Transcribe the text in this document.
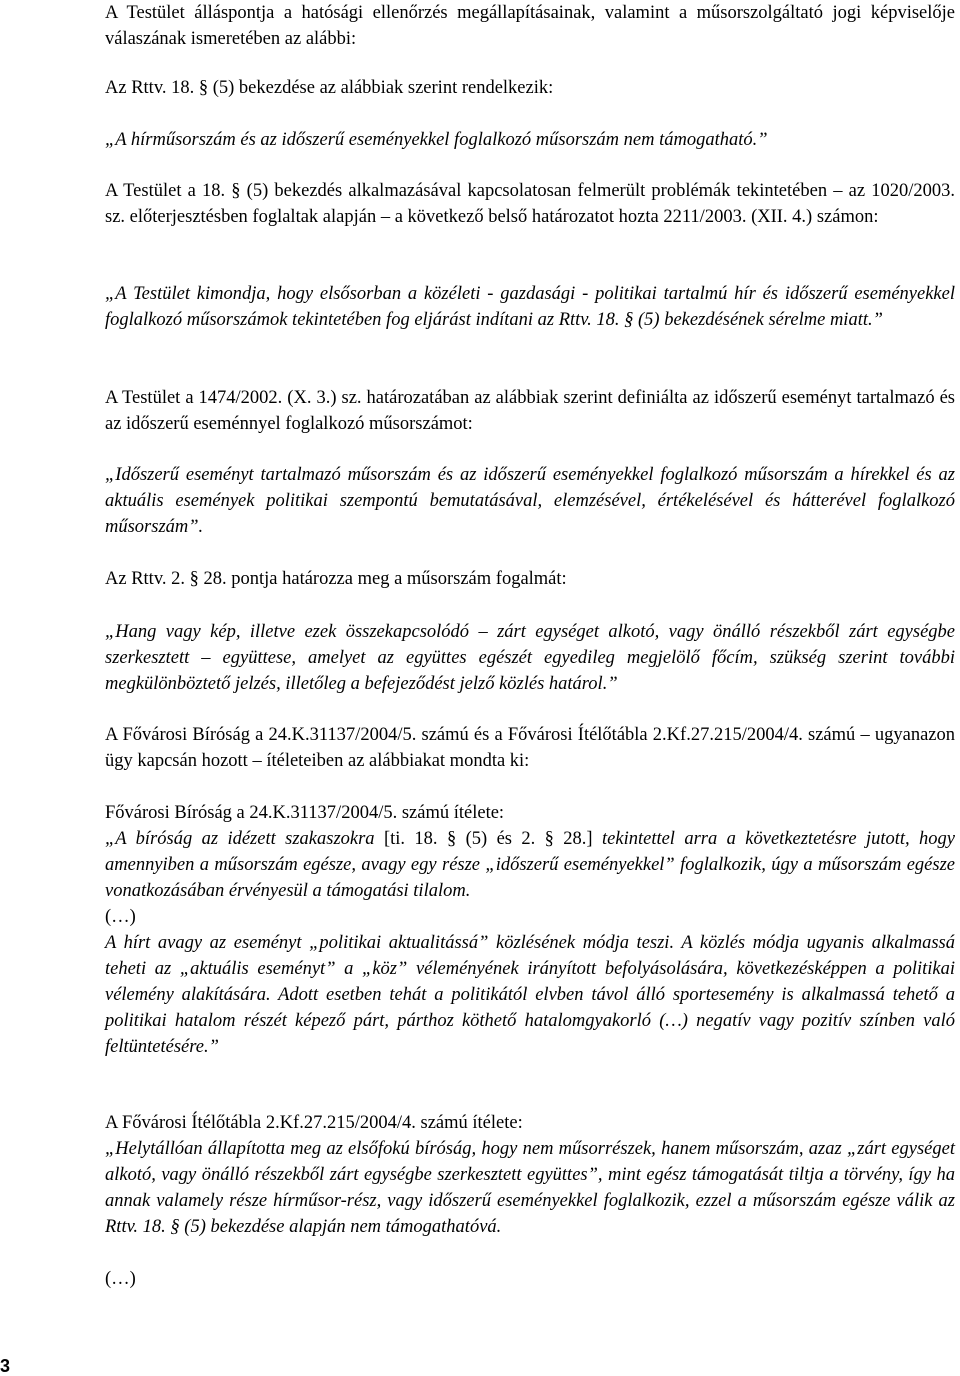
A Testület álláspontja a hatósági ellenőrzés megállapításainak, valamint a műsorszolgáltató jogi képviselője válaszának ismeretében az alábbi:

Az Rttv. 18. § (5) bekezdése az alábbiak szerint rendelkezik:

„A hírműsorszám és az időszerű eseményekkel foglalkozó műsorszám nem támogatható.”

A Testület a 18. § (5) bekezdés alkalmazásával kapcsolatosan felmerült problémák tekintetében – az 1020/2003. sz. előterjesztésben foglaltak alapján – a következő belső határozatot hozta 2211/2003. (XII. 4.) számon:

„A Testület kimondja, hogy elsősorban a közéleti - gazdasági - politikai tartalmú hír és időszerű eseményekkel foglalkozó műsorszámok tekintetében fog eljárást indítani az Rttv. 18. § (5) bekezdésének sérelme miatt.”

A Testület a 1474/2002. (X. 3.) sz. határozatában az alábbiak szerint definiálta az időszerű eseményt tartalmazó és az időszerű eseménnyel foglalkozó műsorszámot:

„Időszerű eseményt tartalmazó műsorszám és az időszerű eseményekkel foglalkozó műsorszám a hírekkel és az aktuális események politikai szempontú bemutatásával, elemzésével, értékelésével és hátterével foglalkozó műsorszám”.

Az Rttv. 2. § 28. pontja határozza meg a műsorszám fogalmát:

„Hang vagy kép, illetve ezek összekapcsolódó – zárt egységet alkotó, vagy önálló részekből zárt egységbe szerkesztett – együttese, amelyet az együttes egészét egyedileg megjelölő főcím, szükség szerint további megkülönböztető jelzés, illetőleg a befejeződést jelző közlés határol.”

A Fővárosi Bíróság a 24.K.31137/2004/5. számú és a Fővárosi Ítélőtábla 2.Kf.27.215/2004/4. számú – ugyanazon ügy kapcsán hozott – ítéleteiben az alábbiakat mondta ki:

Fővárosi Bíróság a 24.K.31137/2004/5. számú ítélete:

„A bíróság az idézett szakaszokra [ti. 18. § (5) és 2. § 28.] tekintettel arra a következtetésre jutott, hogy amennyiben a műsorszám egésze, avagy egy része „időszerű eseményekkel” foglalkozik, úgy a műsorszám egésze vonatkozásában érvényesül a támogatási tilalom.

(…)

A hírt avagy az eseményt „politikai aktualitássá” közlésének módja teszi. A közlés módja ugyanis alkalmassá teheti az „aktuális eseményt” a „köz” véleményének irányított befolyásolására, következésképpen a politikai vélemény alakítására. Adott esetben tehát a politikától elvben távol álló sportesemény is alkalmassá tehető a politikai hatalom részét képező párt, párthoz köthető hatalomgyakorló (…) negatív vagy pozitív színben való feltüntetésére.”

A Fővárosi Ítélőtábla 2.Kf.27.215/2004/4. számú ítélete:

„Helytállóan állapította meg az elsőfokú bíróság, hogy nem műsorrészek, hanem műsorszám, azaz „zárt egységet alkotó, vagy önálló részekből zárt egységbe szerkesztett együttes”, mint egész támogatását tiltja a törvény, így ha annak valamely része hírműsor-rész, vagy időszerű eseményekkel foglalkozik, ezzel a műsorszám egésze válik az Rttv. 18. § (5) bekezdése alapján nem támogathatóvá.

(…)

3
